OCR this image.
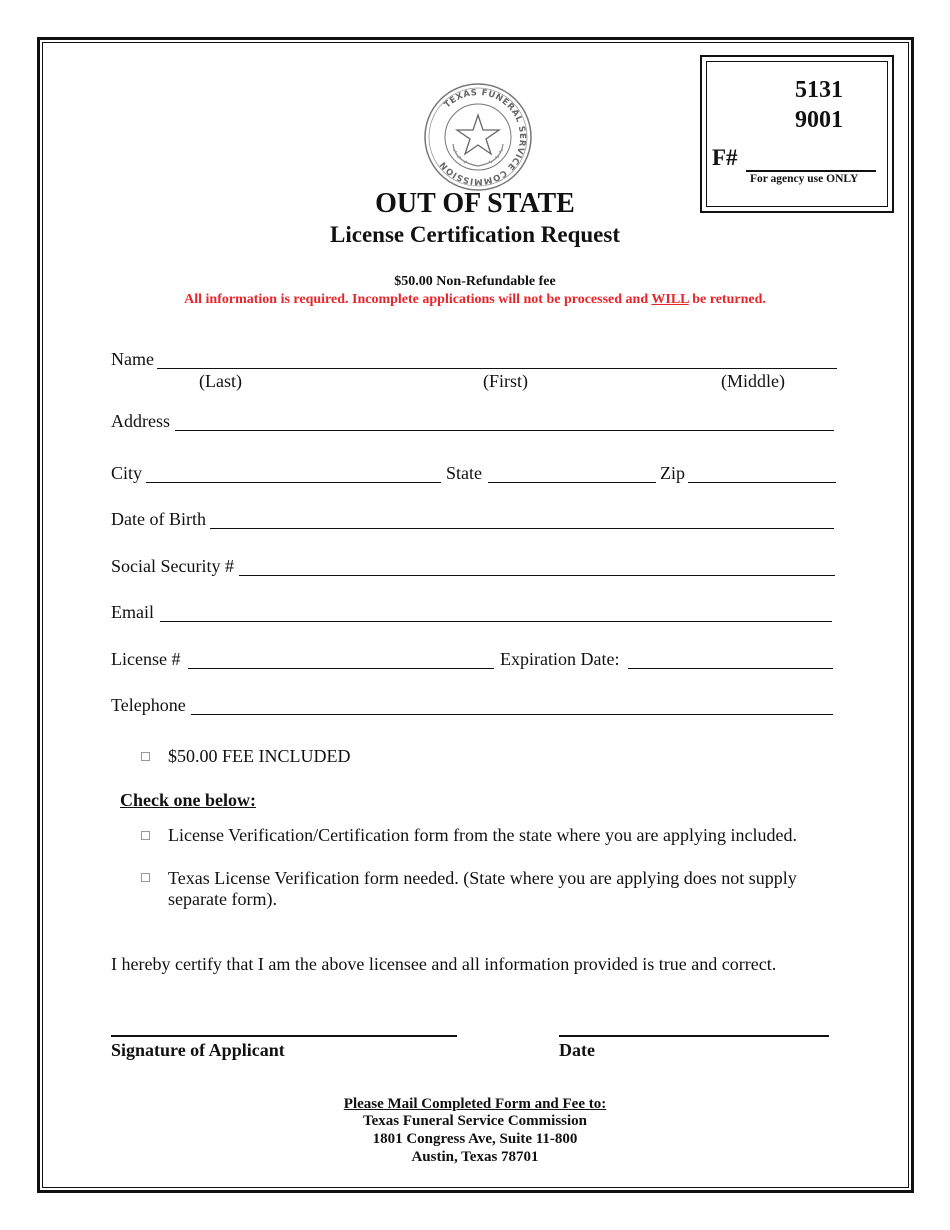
5131
9001
F#
For agency use ONLY
TEXAS FUNERAL SERVICE COMMISSION
OUT OF STATE
License Certification Request
$50.00 Non-Refundable fee
All information is required. Incomplete applications will not be processed and WILL be returned.
Name
(Last)	(First)	(Middle)
Address
City	State	Zip
Date of Birth
Social Security #
Email
License #	Expiration Date:
Telephone
$50.00 FEE INCLUDED
Check one below:
License Verification/Certification form from the state where you are applying included.
Texas License Verification form needed. (State where you are applying does not supply
separate form).
I hereby certify that I am the above licensee and all information provided is true and correct.
Signature of Applicant	Date
Please Mail Completed Form and Fee to:
Texas Funeral Service Commission
1801 Congress Ave, Suite 11-800
Austin, Texas 78701
